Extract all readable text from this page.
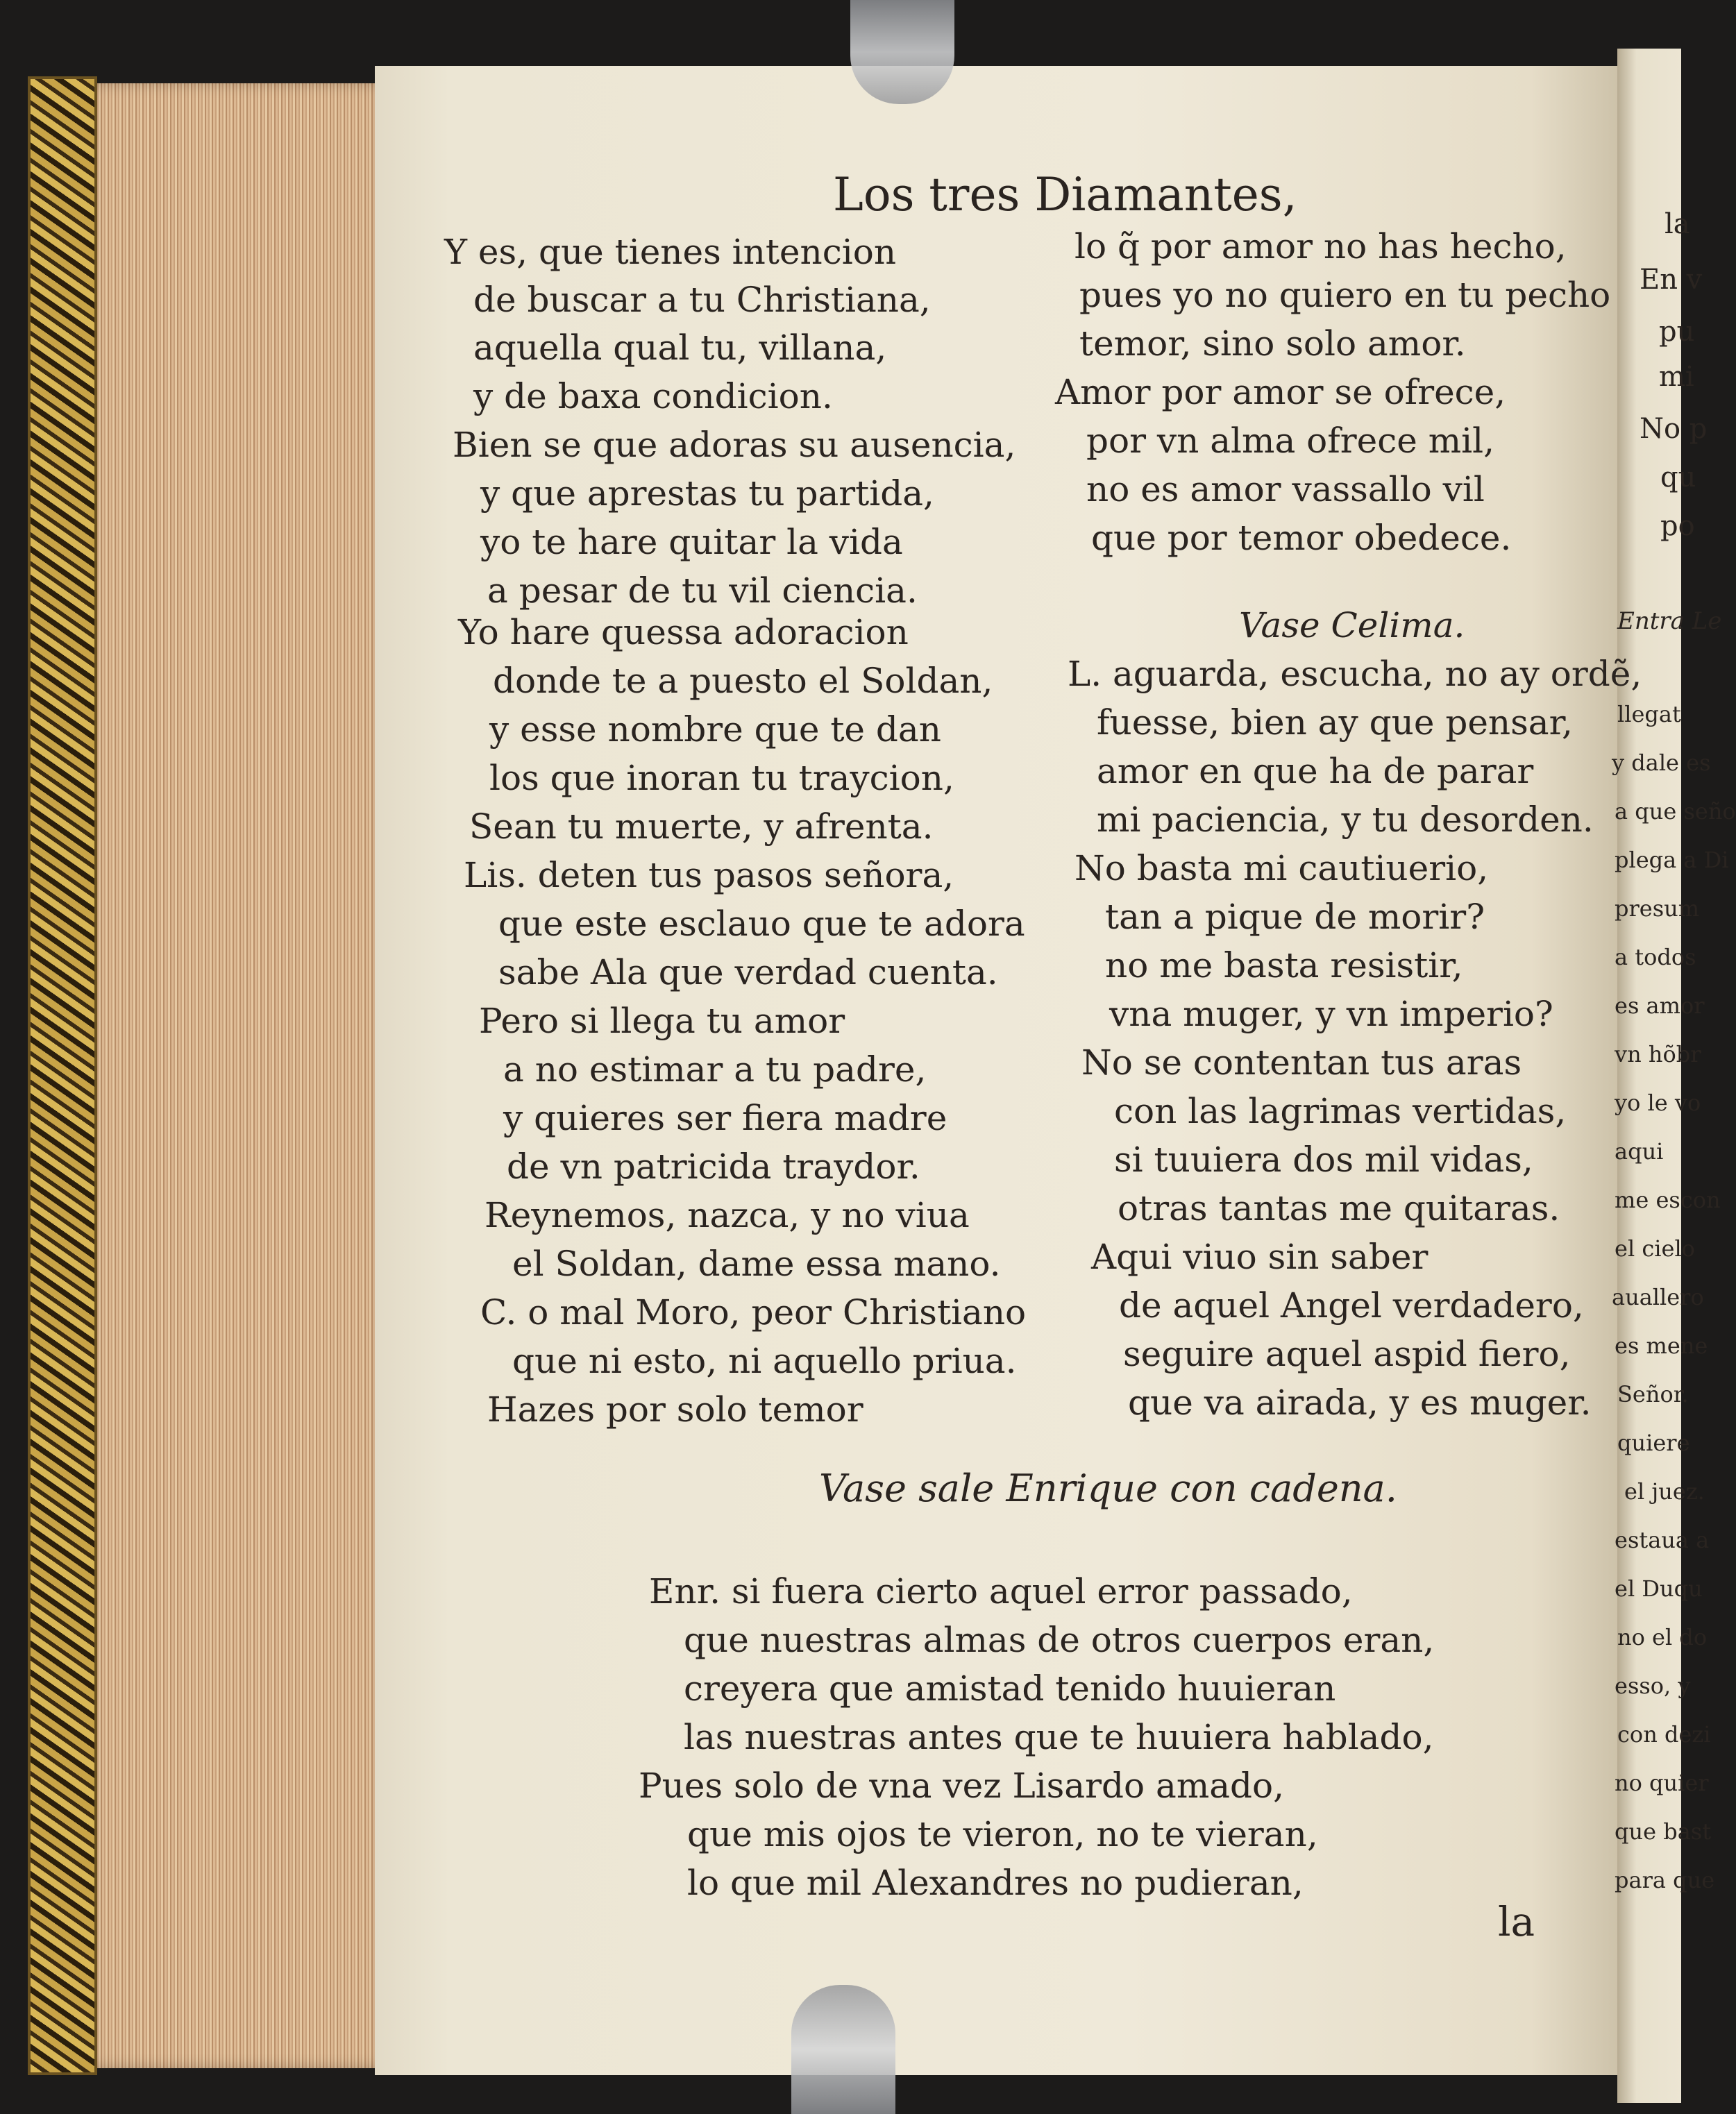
Los tres Diamantes,
Y es, que tienes intencion
de buscar a tu Christiana,
aquella qual tu, villana,
y de baxa condicion.
Bien se que adoras su ausencia,
y que aprestas tu partida,
yo te hare quitar la vida
a pesar de tu vil ciencia.
Yo hare quessa adoracion
donde te a puesto el Soldan,
y esse nombre que te dan
los que inoran tu traycion,
Sean tu muerte, y afrenta.
Lis. deten tus pasos señora,
que este esclauo que te adora
sabe Ala que verdad cuenta.
Pero si llega tu amor
a no estimar a tu padre,
y quieres ser fiera madre
de vn patricida traydor.
Reynemos, nazca, y no viua
el Soldan, dame essa mano.
C. o mal Moro, peor Christiano
que ni esto, ni aquello priua.
Hazes por solo temor
lo q̃ por amor no has hecho,
pues yo no quiero en tu pecho
temor, sino solo amor.
Amor por amor se ofrece,
por vn alma ofrece mil,
no es amor vassallo vil
que por temor obedece.
Vase Celima.
L. aguarda, escucha, no ay ordẽ,
fuesse, bien ay que pensar,
amor en que ha de parar
mi paciencia, y tu desorden.
No basta mi cautiuerio,
tan a pique de morir?
no me basta resistir,
vna muger, y vn imperio?
No se contentan tus aras
con las lagrimas vertidas,
si tuuiera dos mil vidas,
otras tantas me quitaras.
Aqui viuo sin saber
de aquel Angel verdadero,
seguire aquel aspid fiero,
que va airada, y es muger.
Vase sale Enrique con cadena.
Enr. si fuera cierto aquel error passado,
que nuestras almas de otros cuerpos eran,
creyera que amistad tenido huuieran
las nuestras antes que te huuiera hablado,
Pues solo de vna vez Lisardo amado,
que mis ojos te vieron, no te vieran,
lo que mil Alexandres no pudieran,
la
la
En v
pu
mi
No p
qu
po
Entra Le
llegat
y dale es
a que seño
plega a Di
presum
a todos
es amor
vn hõbr
yo le vo
aqui
me escon
el cielo
auallero
es mene
Señor.
quiere
el juez.
estaua a
el Duqu
no el do
esso, y
con dezi
no quier
que bast
para que
